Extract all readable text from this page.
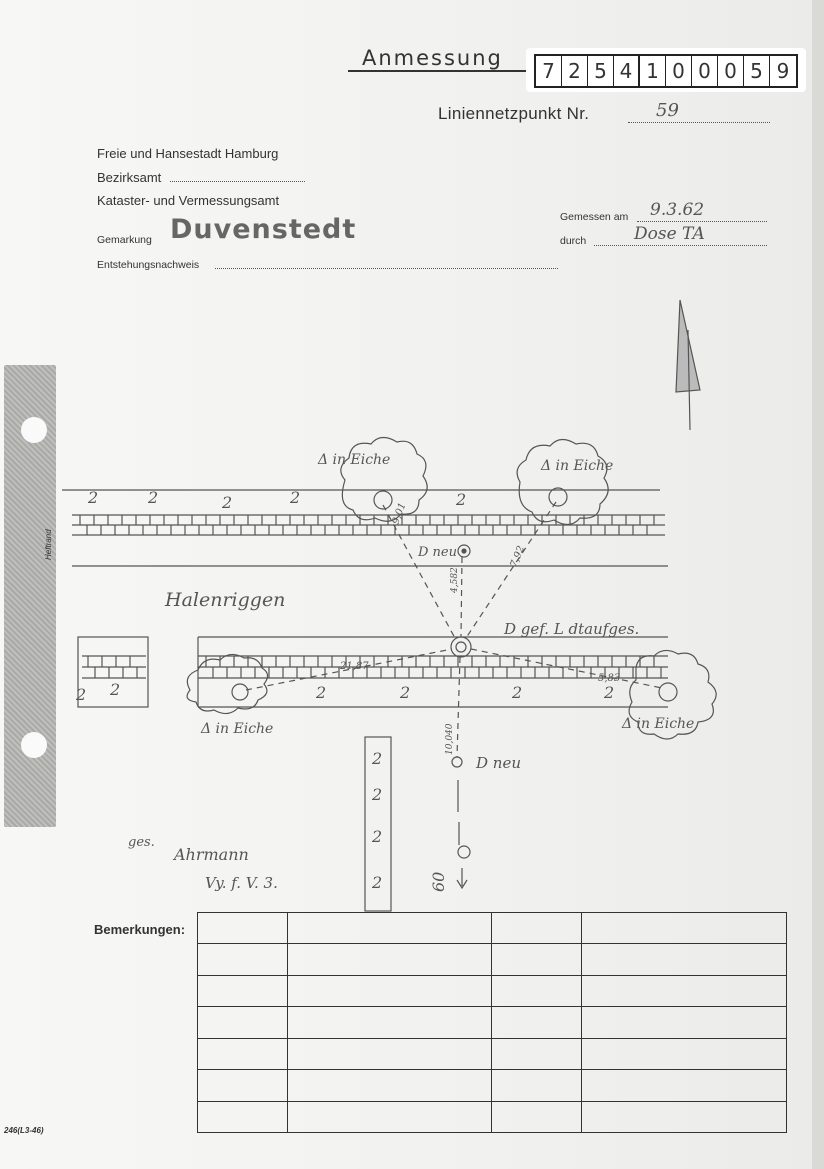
Anmessung
7 2 5 4 1 0 0 0 5 9
Liniennetzpunkt Nr.	59
Freie und Hansestadt Hamburg
Bezirksamt
Kataster- und Vermessungsamt
Gemarkung Duvenstedt
Entstehungsnachweis
Gemessen am 9.3.62
durch	Dose TA
Heftrand
Δ in Eiche	Δ in Eiche
Δ in Eiche	Δ in Eiche
D neu
D gef. L dtaufges.
D neu
Halenriggen
9,01
7,92
4,582
21,87
5,83
10,040
60
ges.
Ahrmann
Vy. f. V. 3.
2	2	2	2	2
2 2	2	2	2	2
2
2
2
2
Bemerkungen:

246(L3-46)
